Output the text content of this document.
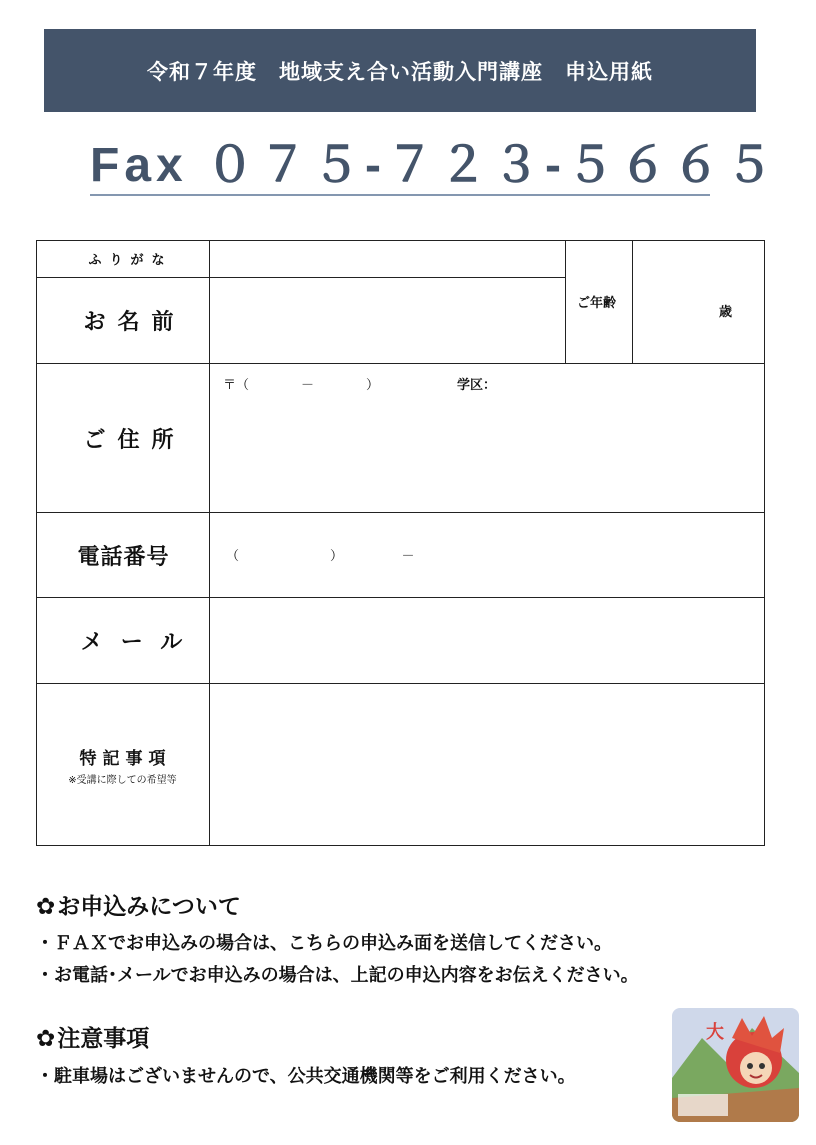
令和７年度　地域支え合い活動入門講座　申込用紙
Fax ０７５-７２３-５６６５
ふりがな
お名前
ご年齢
歳
ご住所
〒（　　　　－　　　　）	学区：
電話番号	（　　　　　　　）　　　　　－
メール
特記事項
※受講に際しての希望等
✿お申込みについて
・ＦＡＸでお申込みの場合は、こちらの申込み面を送信してください。
・お電話･メールでお申込みの場合は、上記の申込内容をお伝えください。
✿注意事項
・駐車場はございませんので、公共交通機関等をご利用ください。
大
